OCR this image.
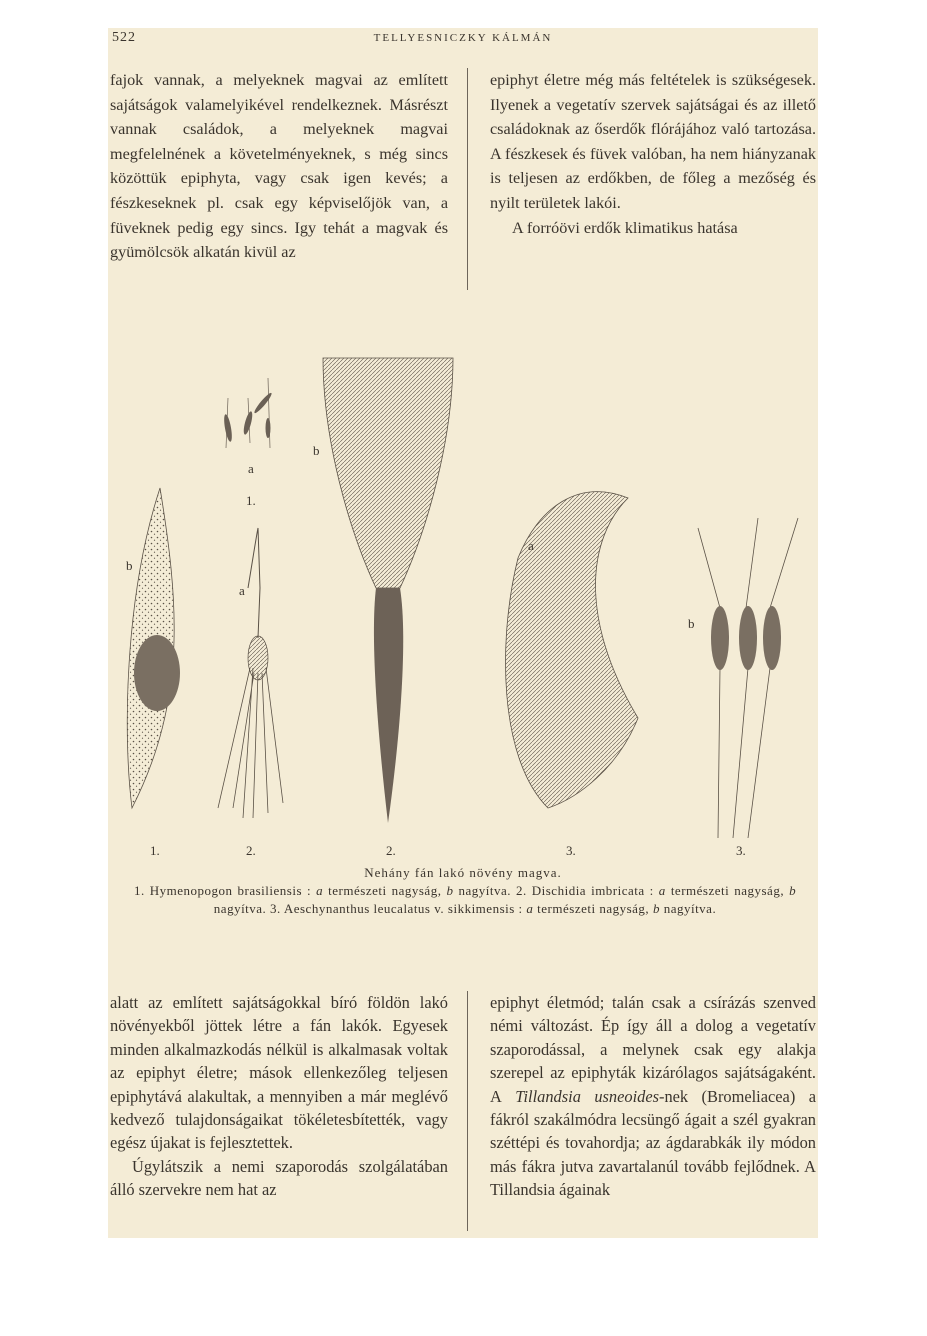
522	TELLYESNICZKY KÁLMÁN

fajok vannak, a melyeknek magvai az említett sajátságok valamelyikével rendelkeznek. Másrészt vannak családok, a melyeknek magvai megfelelnének a követelményeknek, s még sincs közöttük epiphyta, vagy csak igen kevés; a fészkeseknek pl. csak egy képviselőjök van, a füveknek pedig egy sincs. Igy tehát a magvak és gyümölcsök alkatán kivül az

epiphyt életre még más feltételek is szükségesek. Ilyenek a vegetatív szervek sajátságai és az illető családoknak az őserdők flórájához való tartozása. A fészkesek és füvek valóban, ha nem hiányzanak is teljesen az erdőkben, de főleg a mezőség és nyilt területek lakói.

A forróövi erdők klimatikus hatása

a
b
1.
b
a
a
b
1.	2.	2.	3.	3.
Nehány fán lakó növény magva.
1. Hymenopogon brasiliensis : a természeti nagyság, b nagyítva. 2. Dischidia imbricata : a természeti nagyság, b nagyítva. 3. Aeschynanthus leucalatus v. sikkimensis : a természeti nagyság, b nagyítva.

alatt az említett sajátságokkal bíró földön lakó növényekből jöttek létre a fán lakók. Egyesek minden alkalmazkodás nélkül is alkalmasak voltak az epiphyt életre; mások ellenkezőleg teljesen epiphytává alakultak, a mennyiben a már meglévő kedvező tulajdonságaikat tökéletesbítették, vagy egész újakat is fejlesztettek.

Úgylátszik a nemi szaporodás szolgálatában álló szervekre nem hat az

epiphyt életmód; talán csak a csírázás szenved némi változást. Ép így áll a dolog a vegetatív szaporodással, a melynek csak egy alakja szerepel az epiphyták kizárólagos sajátságaként. A Tillandsia usneoides-nek (Bromeliacea) a fákról szakálmódra lecsüngő ágait a szél gyakran széttépi és tovahordja; az ágdarabkák ily módon más fákra jutva zavartalanúl tovább fejlődnek. A Tillandsia ágainak
